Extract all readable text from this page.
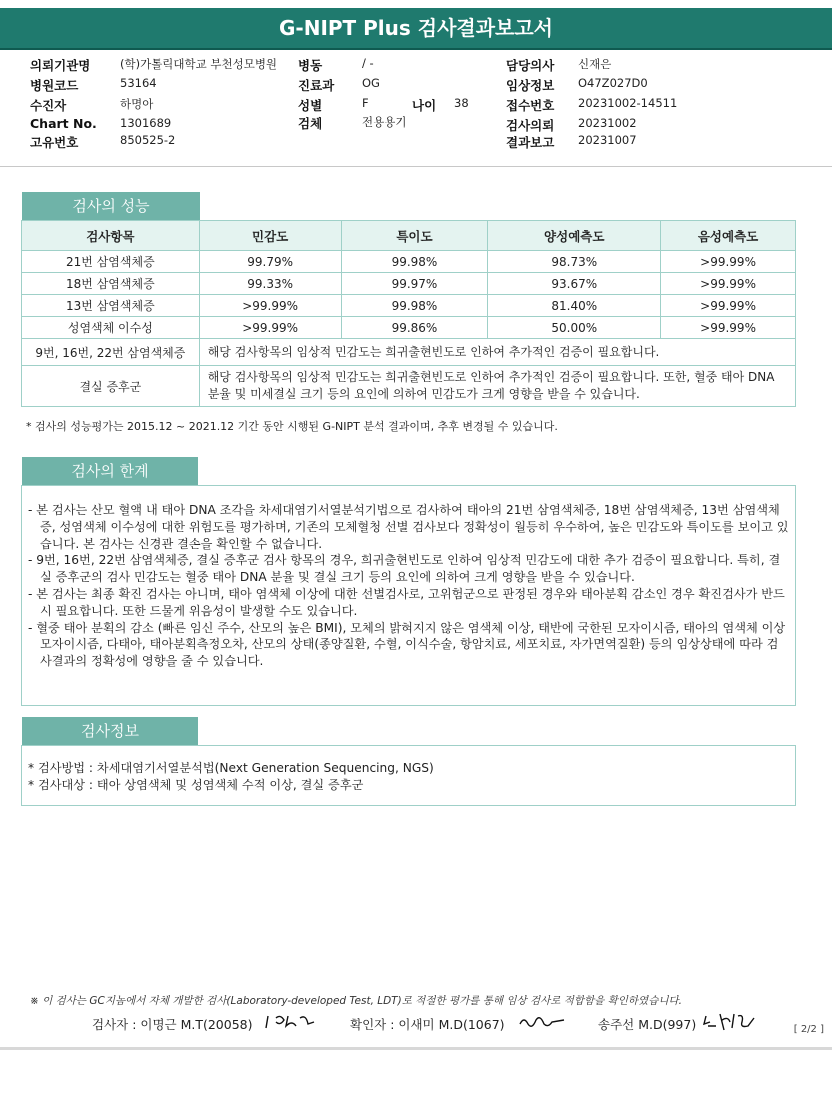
G-NIPT Plus 검사결과보고서
의뢰기관명	(학)가톨릭대학교 부천성모병원 병동	/ -	담당의사 신재은
병원코드	53164	진료과 OG	임상정보 O47Z027D0
수진자	하명아	성별	F	나이 38	접수번호 20231002-14511
Chart No. 1301689	검체	전용용기	검사의뢰 20231002
고유번호	850525-2	결과보고 20231007
검사의 성능
검사항목	민감도	특이도	양성예측도	음성예측도
21번 삼염색체증	99.79%	99.98%	98.73%	>99.99%
18번 삼염색체증	99.33%	99.97%	93.67%	>99.99%
13번 삼염색체증	>99.99%	99.98%	81.40%	>99.99%
성염색체 이수성	>99.99%	99.86%	50.00%	>99.99%
9번, 16번, 22번 삼염색체증	해당 검사항목의 임상적 민감도는 희귀출현빈도로 인하여 추가적인 검증이 필요합니다.			
결실 증후군	해당 검사항목의 임상적 민감도는 희귀출현빈도로 인하여 추가적인 검증이 필요합니다. 또한, 혈중 태아 DNA 분율 및 미세결실 크기 등의 요인에 의하여 민감도가 크게 영향을 받을 수 있습니다.			
* 검사의 성능평가는 2015.12 ~ 2021.12 기간 동안 시행된 G-NIPT 분석 결과이며, 추후 변경될 수 있습니다.
검사의 한계
- 본 검사는 산모 혈액 내 태아 DNA 조각을 차세대염기서열분석기법으로 검사하여 태아의 21번 삼염색체증, 18번 삼염색체증, 13번 삼염색체증, 성염색체 이수성에 대한 위험도를 평가하며, 기존의 모체혈청 선별 검사보다 정확성이 월등히 우수하여, 높은 민감도와 특이도를 보이고 있습니다. 본 검사는 신경관 결손을 확인할 수 없습니다.
- 9번, 16번, 22번 삼염색체증, 결실 증후군 검사 항목의 경우, 희귀출현빈도로 인하여 임상적 민감도에 대한 추가 검증이 필요합니다. 특히, 결실 증후군의 검사 민감도는 혈중 태아 DNA 분율 및 결실 크기 등의 요인에 의하여 크게 영향을 받을 수 있습니다.
- 본 검사는 최종 확진 검사는 아니며, 태아 염색체 이상에 대한 선별검사로, 고위험군으로 판정된 경우와 태아분획 감소인 경우 확진검사가 반드시 필요합니다. 또한 드물게 위음성이 발생할 수도 있습니다.
- 혈중 태아 분획의 감소 (빠른 임신 주수, 산모의 높은 BMI), 모체의 밝혀지지 않은 염색체 이상, 태반에 국한된 모자이시즘, 태아의 염색체 이상 모자이시즘, 다태아, 태아분획측정오차, 산모의 상태(종양질환, 수혈, 이식수술, 항암치료, 세포치료, 자가면역질환) 등의 임상상태에 따라 검사결과의 정확성에 영향을 줄 수 있습니다.
검사정보
* 검사방법 : 차세대염기서열분석법(Next Generation Sequencing, NGS)
* 검사대상 : 태아 상염색체 및 성염색체 수적 이상, 결실 증후군
※ 이 검사는 GC지놈에서 자체 개발한 검사(Laboratory-developed Test, LDT)로 적절한 평가를 통해 임상 검사로 적합함을 확인하였습니다.
검사자 : 이명근 M.T(20058)	확인자 : 이새미 M.D(1067)	송주선 M.D(997)	[ 2/2 ]
